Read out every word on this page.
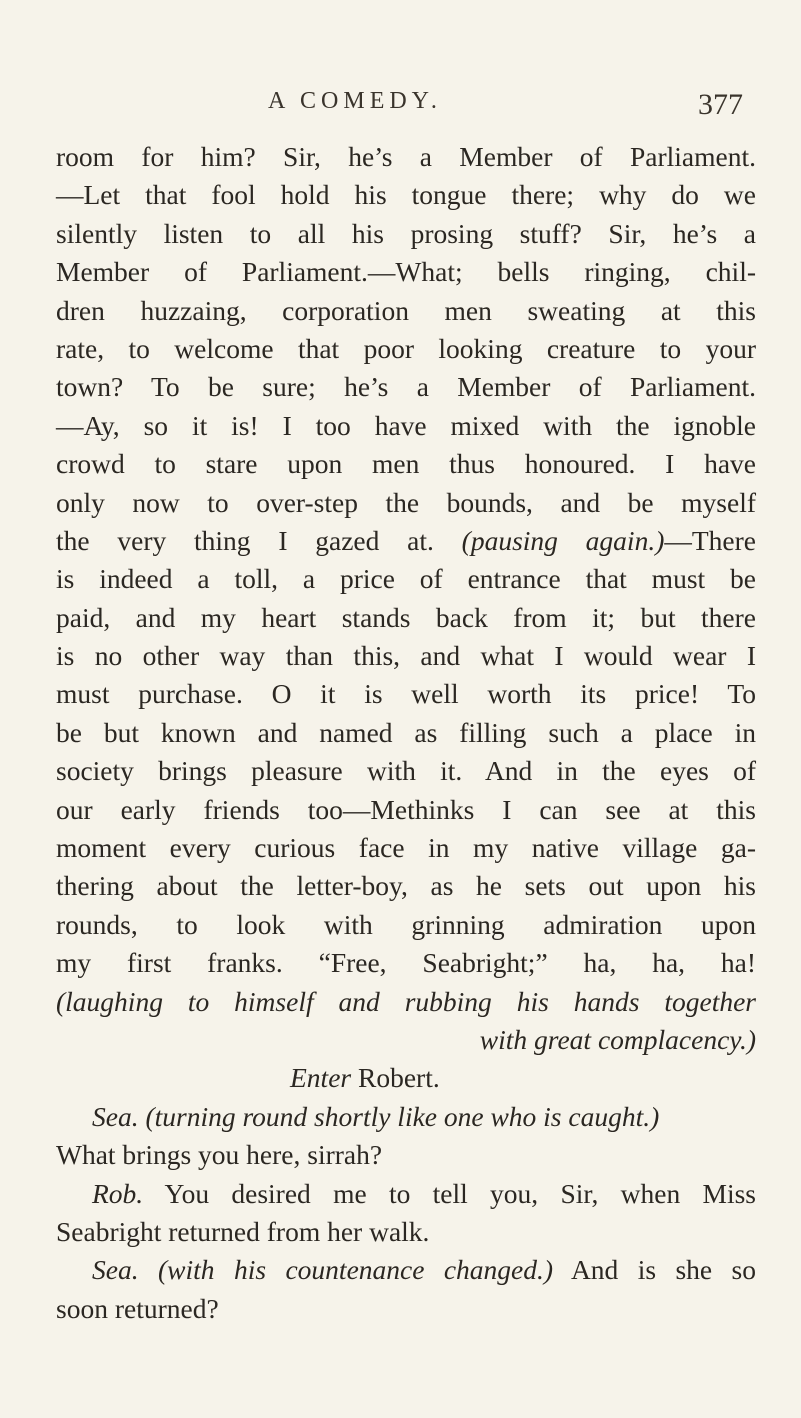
A COMEDY.	377
room for him? Sir, he’s a Member of Parliament.
—Let that fool hold his tongue there; why do we
silently listen to all his prosing stuff? Sir, he’s a
Member of Parliament.—What; bells ringing, chil-
dren huzzaing, corporation men sweating at this
rate, to welcome that poor looking creature to your
town? To be sure; he’s a Member of Parliament.
—Ay, so it is! I too have mixed with the ignoble
crowd to stare upon men thus honoured. I have
only now to over-step the bounds, and be myself
the very thing I gazed at. (pausing again.)—There
is indeed a toll, a price of entrance that must be
paid, and my heart stands back from it; but there
is no other way than this, and what I would wear I
must purchase. O it is well worth its price! To
be but known and named as filling such a place in
society brings pleasure with it. And in the eyes of
our early friends too—Methinks I can see at this
moment every curious face in my native village ga-
thering about the letter-boy, as he sets out upon his
rounds, to look with grinning admiration upon
my first franks. “Free, Seabright;” ha, ha, ha!
(laughing to himself and rubbing his hands together
with great complacency.)
Enter Robert.
Sea. (turning round shortly like one who is caught.)
What brings you here, sirrah?
Rob. You desired me to tell you, Sir, when Miss
Seabright returned from her walk.
Sea. (with his countenance changed.) And is she so
soon returned?
